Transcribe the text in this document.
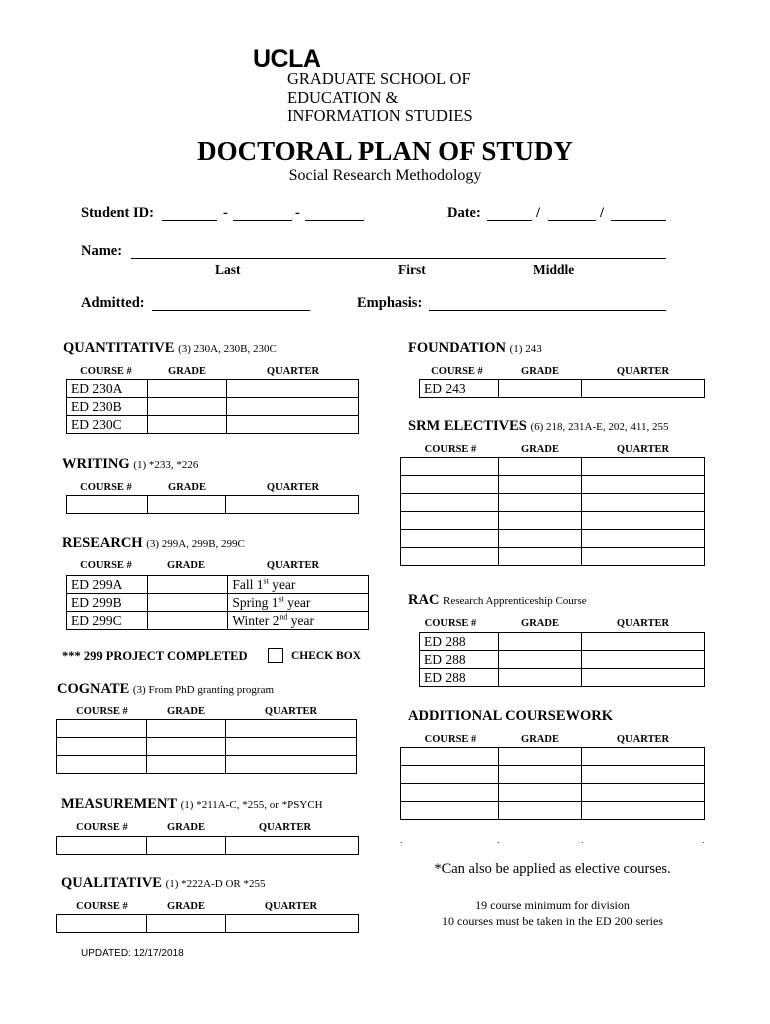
UCLA
GRADUATE SCHOOL OF
EDUCATION &
INFORMATION STUDIES
DOCTORAL PLAN OF STUDY
Social Research Methodology
Student ID:	-	-	Date:	/	/
Name:
Last	First	Middle
Admitted:	Emphasis:
QUANTITATIVE (3) 230A, 230B, 230C
COURSE #	GRADE	QUARTER
ED 230A		
ED 230B		
ED 230C		
WRITING (1) *233, *226
COURSE #	GRADE	QUARTER

RESEARCH (3) 299A, 299B, 299C
COURSE #	GRADE	QUARTER
ED 299A		Fall 1st year
ED 299B		Spring 1st year
ED 299C		Winter 2nd year
*** 299 PROJECT COMPLETED	CHECK BOX
COGNATE (3) From PhD granting program
COURSE #	GRADE	QUARTER

MEASUREMENT (1) *211A-C, *255, or *PSYCH
COURSE #	GRADE	QUARTER

QUALITATIVE (1) *222A-D OR *255
COURSE #	GRADE	QUARTER

UPDATED: 12/17/2018
FOUNDATION (1) 243
COURSE #	GRADE	QUARTER
ED 243		
SRM ELECTIVES (6) 218, 231A-E, 202, 411, 255
COURSE #	GRADE	QUARTER

RAC Research Apprenticeship Course
COURSE #	GRADE	QUARTER
ED 288		
ED 288		
ED 288		
ADDITIONAL COURSEWORK
COURSE #	GRADE	QUARTER

.	.	.	.
*Can also be applied as elective courses.
19 course minimum for division
10 courses must be taken in the ED 200 series
